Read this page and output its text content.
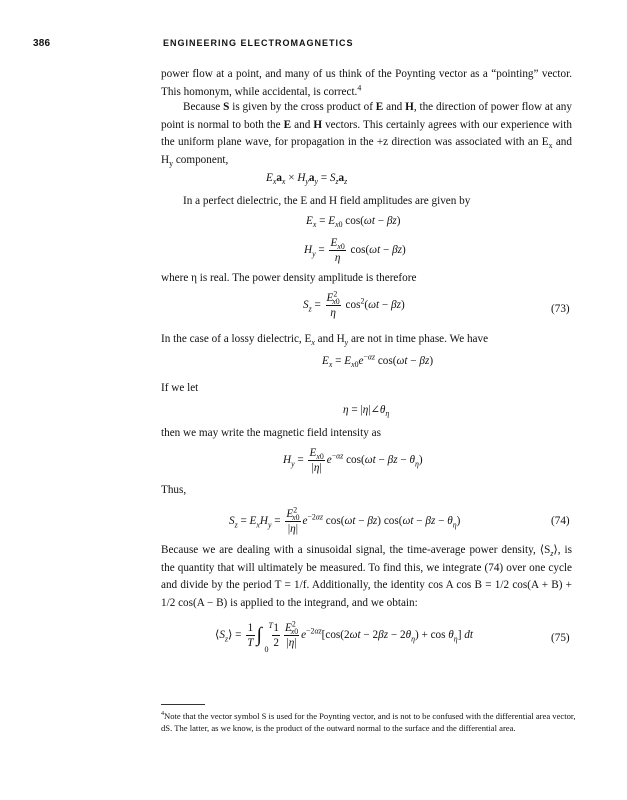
386	ENGINEERING ELECTROMAGNETICS

power flow at a point, and many of us think of the Poynting vector as a “pointing” vector. This homonym, while accidental, is correct.$^4$

Because S is given by the cross product of E and H, the direction of power flow at any point is normal to both the E and H vectors. This certainly agrees with our experience with the uniform plane wave, for propagation in the +z direction was associated with an $E_x$ and $H_y$ component,

$E_xa_x \times H_ya_y = S_za_z$

In a perfect dielectric, the E and H field amplitudes are given by

$E_x = E_{x0}$ cos(ωt − βz)
$H_y = \frac{E_{x0}}{\eta} \cos(\omega t - \beta z)$

where η is real. The power density amplitude is therefore

$S_z = \frac{E^2_{x0}}{\eta} \cos^2(\omega t - \beta z)$	(73)

In the case of a lossy dielectric, $E_x$ and $H_y$ are not in time phase. We have

$E_x = E_{x0}e^{-\alpha z}$ cos(ωt − βz)

If we let

$\eta = |\eta|\angle\theta_\eta$

then we may write the magnetic field intensity as

$H_y = \frac{E_{x0}}{|\eta|} e^{-\alpha z}$ $\cos(\omega t - \beta z - \theta_\eta)$

Thus,

$S_z = E_xH_y = \frac{E^2_{x0}}{|\eta|} e^{-2\alpha z}$ cos(ωt − βz) $\cos(\omega t - \beta z - \theta_\eta)$	(74)

Because we are dealing with a sinusoidal signal, the time-average power density, $⟨S_z⟩$, is the quantity that will ultimately be measured. To find this, we integrate (74) over one cycle and divide by the period T = 1/f. Additionally, the identity cos A cos B = 1/2 cos(A + B) + 1/2 cos(A − B) is applied to the integrand, and we obtain:

$⟨S_z⟩ = \frac{1}{T}$ ∫ T
0
$\frac{1}{2} \frac{E^2_{x0}}{|\eta|} e^{-2\alpha z}[\cos(2\omega t - 2\beta z - 2\theta_\eta) + \cos \theta_\eta]$ dt	(75)
$^4$Note that the vector symbol S is used for the Poynting vector, and is not to be confused with the differential area vector, dS. The latter, as we know, is the product of the outward normal to the surface and the differential area.
